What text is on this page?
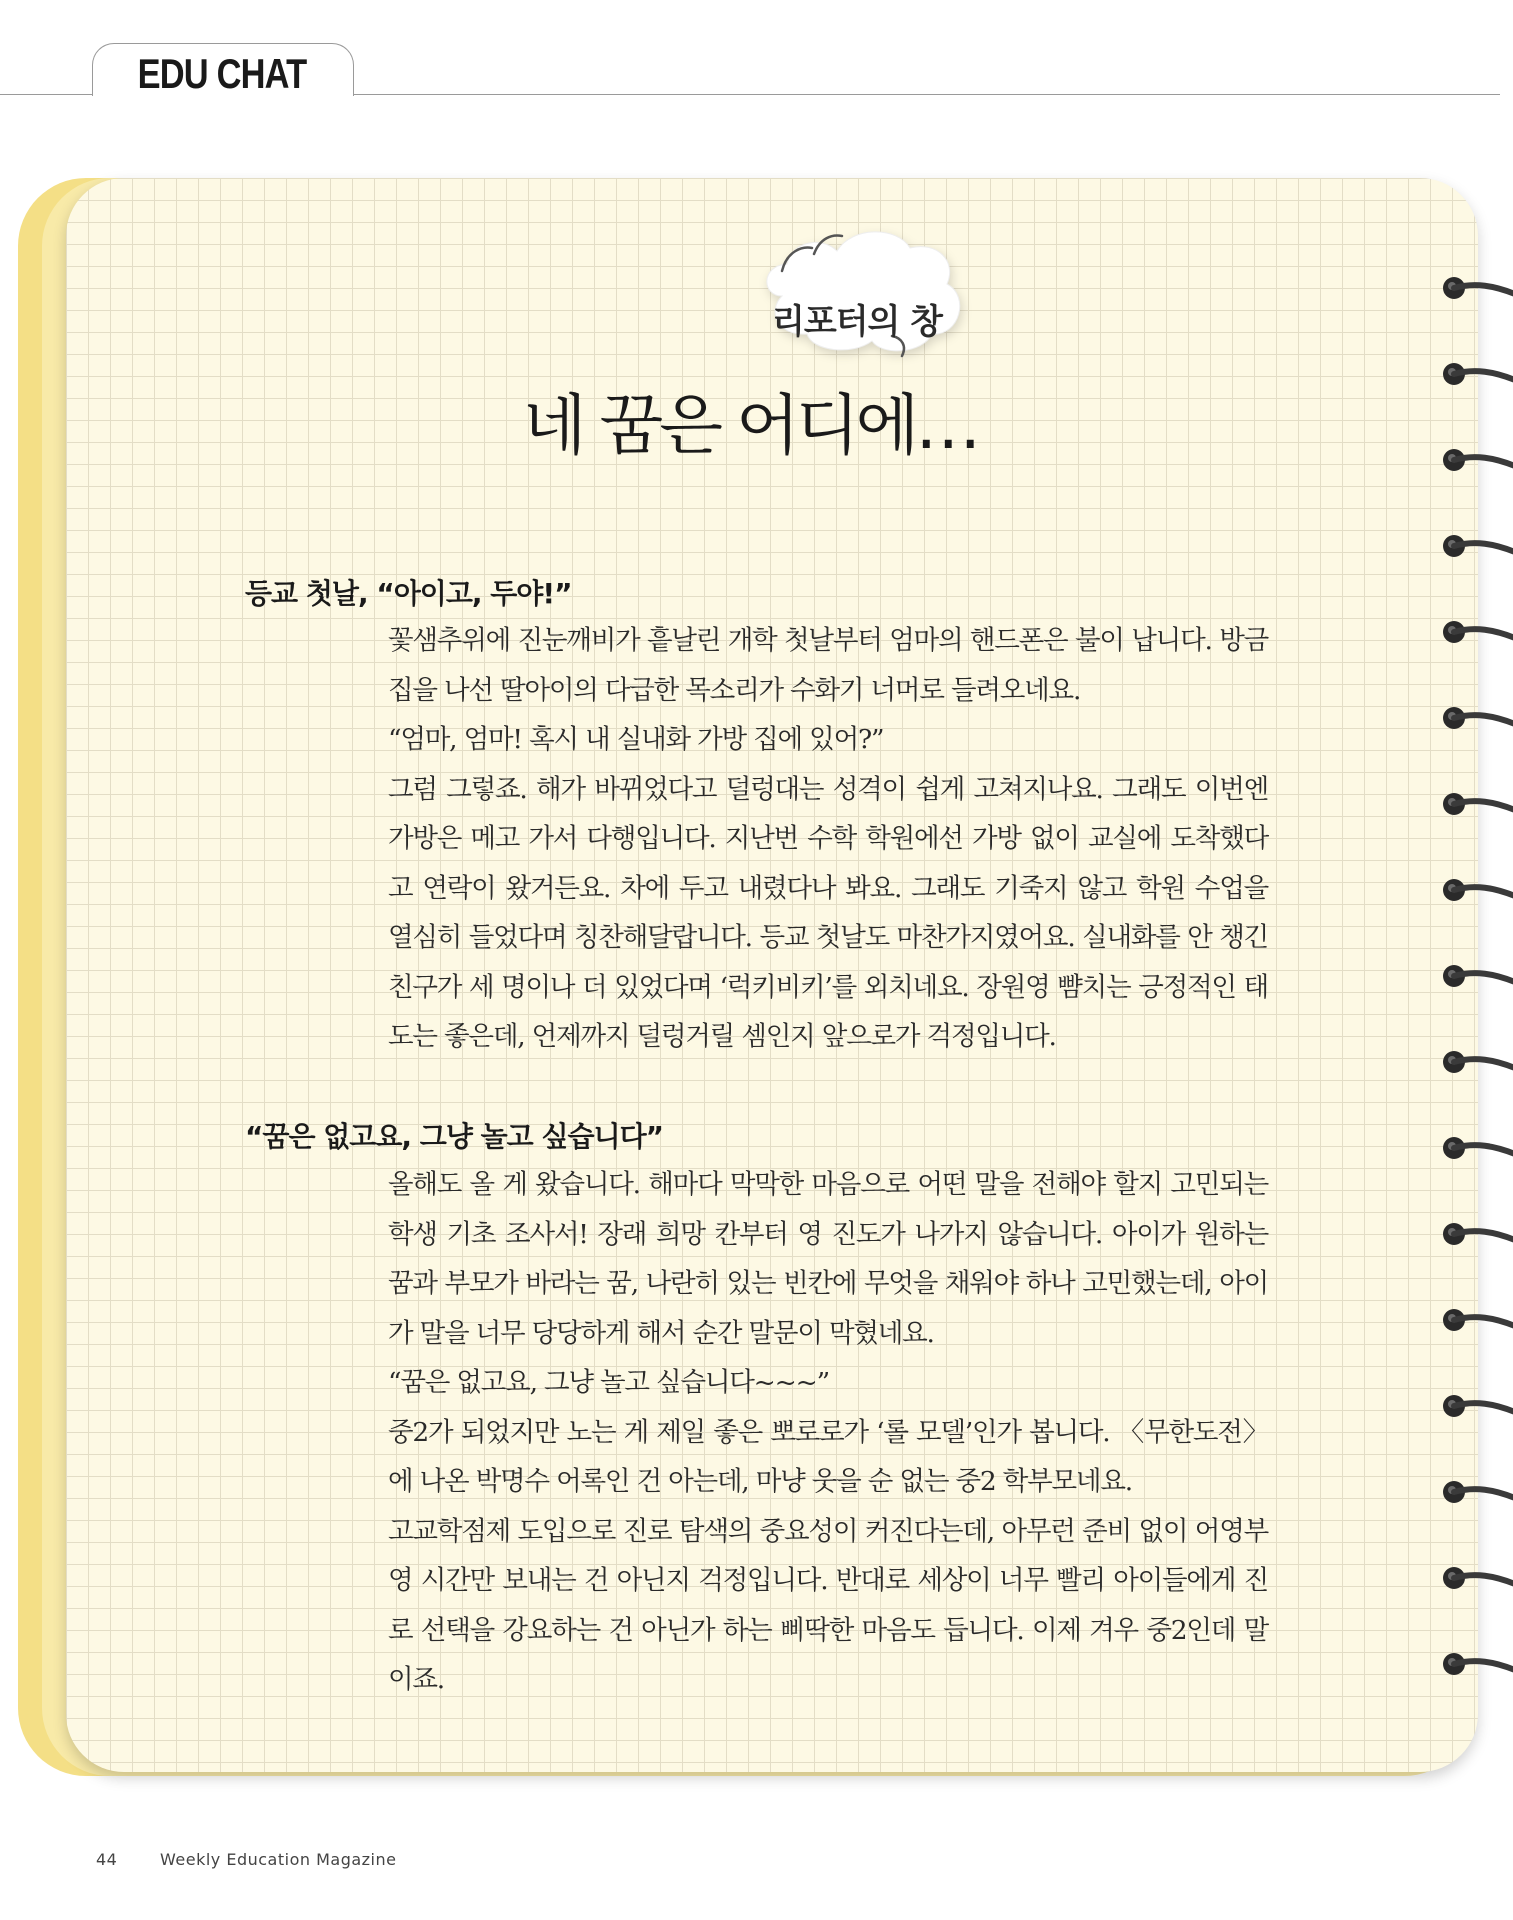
EDU CHAT
리포터의 창
네 꿈은 어디에…
등교 첫날, “아이고, 두야!”

꽃샘추위에 진눈깨비가 흩날린 개학 첫날부터 엄마의 핸드폰은 불이 납니다. 방금 집을 나선 딸아이의 다급한 목소리가 수화기 너머로 들려오네요.

“엄마, 엄마! 혹시 내 실내화 가방 집에 있어?”

그럼 그렇죠. 해가 바뀌었다고 덜렁대는 성격이 쉽게 고쳐지나요. 그래도 이번엔 가방은 메고 가서 다행입니다. 지난번 수학 학원에선 가방 없이 교실에 도착했다고 연락이 왔거든요. 차에 두고 내렸다나 봐요. 그래도 기죽지 않고 학원 수업을 열심히 들었다며 칭찬해달랍니다. 등교 첫날도 마찬가지였어요. 실내화를 안 챙긴 친구가 세 명이나 더 있었다며 ‘럭키비키’를 외치네요. 장원영 뺨치는 긍정적인 태도는 좋은데, 언제까지 덜렁거릴 셈인지 앞으로가 걱정입니다.

“꿈은 없고요, 그냥 놀고 싶습니다”

올해도 올 게 왔습니다. 해마다 막막한 마음으로 어떤 말을 전해야 할지 고민되는 학생 기초 조사서! 장래 희망 칸부터 영 진도가 나가지 않습니다. 아이가 원하는 꿈과 부모가 바라는 꿈, 나란히 있는 빈칸에 무엇을 채워야 하나 고민했는데, 아이가 말을 너무 당당하게 해서 순간 말문이 막혔네요.

“꿈은 없고요, 그냥 놀고 싶습니다~~~”

중2가 되었지만 노는 게 제일 좋은 뽀로로가 ‘롤 모델’인가 봅니다. 〈무한도전〉에 나온 박명수 어록인 건 아는데, 마냥 웃을 순 없는 중2 학부모네요.

고교학점제 도입으로 진로 탐색의 중요성이 커진다는데, 아무런 준비 없이 어영부영 시간만 보내는 건 아닌지 걱정입니다. 반대로 세상이 너무 빨리 아이들에게 진로 선택을 강요하는 건 아닌가 하는 삐딱한 마음도 듭니다. 이제 겨우 중2인데 말이죠.

44	Weekly Education Magazine
